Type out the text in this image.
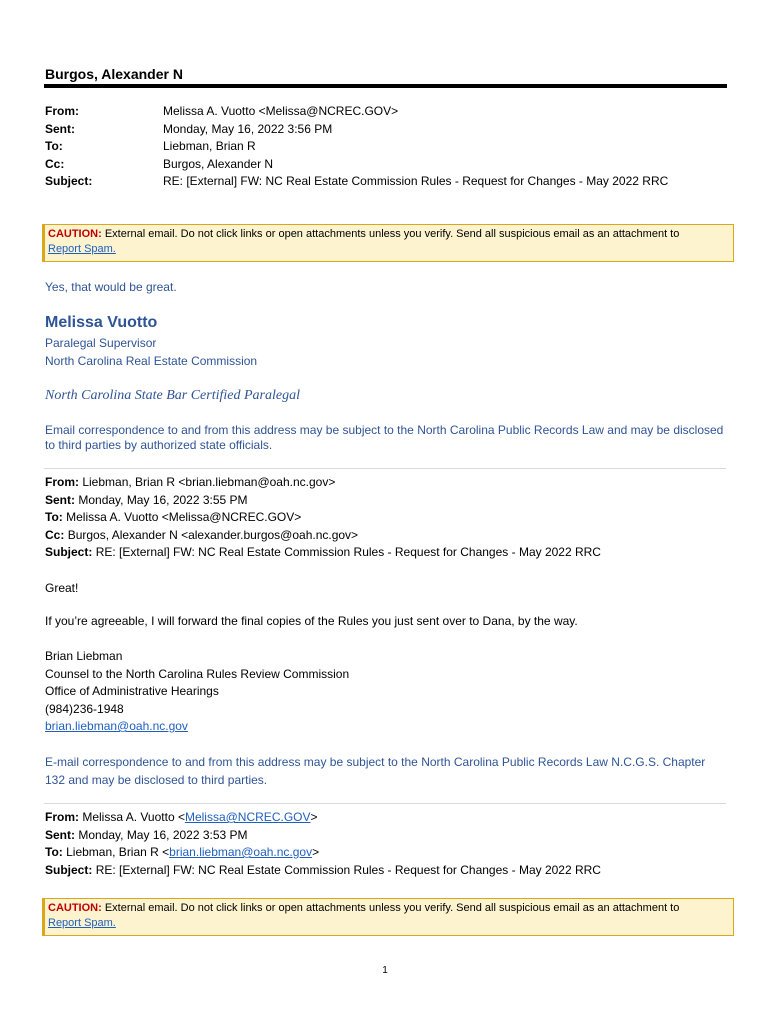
Burgos, Alexander N
From:	Melissa A. Vuotto <Melissa@NCREC.GOV>
Sent:	Monday, May 16, 2022 3:56 PM
To:	Liebman, Brian R
Cc:	Burgos, Alexander N
Subject:	RE: [External] FW: NC Real Estate Commission Rules - Request for Changes - May 2022 RRC
CAUTION: External email. Do not click links or open attachments unless you verify. Send all suspicious email as an attachment to
Report Spam.
Yes, that would be great.
Melissa Vuotto
Paralegal Supervisor
North Carolina Real Estate Commission
North Carolina State Bar Certified Paralegal
Email correspondence to and from this address may be subject to the North Carolina Public Records Law and may be disclosed to third parties by authorized state officials.
From: Liebman, Brian R <brian.liebman@oah.nc.gov>
Sent: Monday, May 16, 2022 3:55 PM
To: Melissa A. Vuotto <Melissa@NCREC.GOV>
Cc: Burgos, Alexander N <alexander.burgos@oah.nc.gov>
Subject: RE: [External] FW: NC Real Estate Commission Rules - Request for Changes - May 2022 RRC
Great!
If you’re agreeable, I will forward the final copies of the Rules you just sent over to Dana, by the way.
Brian Liebman
Counsel to the North Carolina Rules Review Commission
Office of Administrative Hearings
(984)236-1948
brian.liebman@oah.nc.gov
E-mail correspondence to and from this address may be subject to the North Carolina Public Records Law N.C.G.S. Chapter 132 and may be disclosed to third parties.
From: Melissa A. Vuotto <Melissa@NCREC.GOV>
Sent: Monday, May 16, 2022 3:53 PM
To: Liebman, Brian R <brian.liebman@oah.nc.gov>
Subject: RE: [External] FW: NC Real Estate Commission Rules - Request for Changes - May 2022 RRC
CAUTION: External email. Do not click links or open attachments unless you verify. Send all suspicious email as an attachment to
Report Spam.
1
